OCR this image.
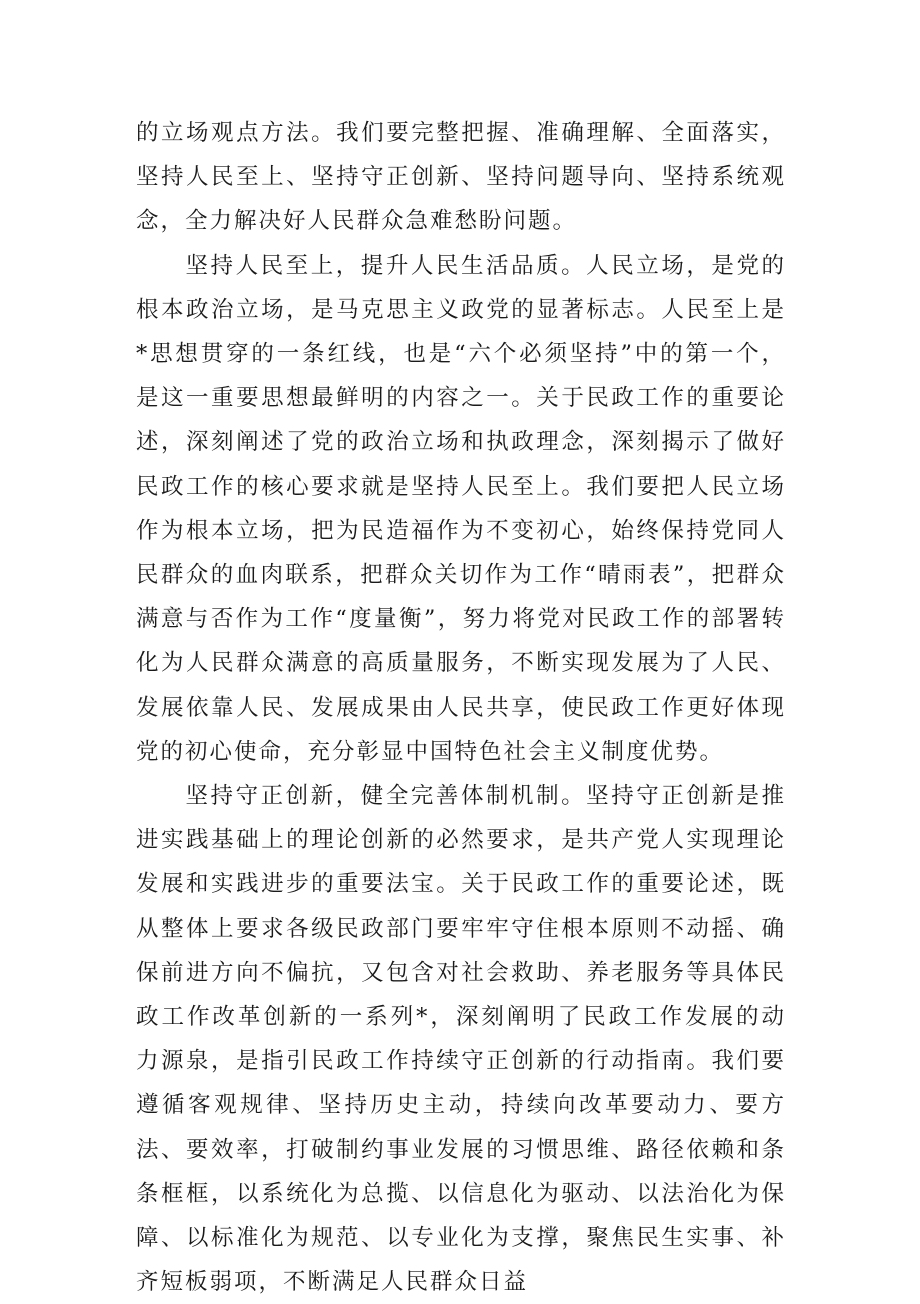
的立场观点方法。我们要完整把握、准确理解、全面落实，坚持人民至上、坚持守正创新、坚持问题导向、坚持系统观念，全力解决好人民群众急难愁盼问题。

坚持人民至上，提升人民生活品质。人民立场，是党的根本政治立场，是马克思主义政党的显著标志。人民至上是*思想贯穿的一条红线，也是“六个必须坚持”中的第一个，是这一重要思想最鲜明的内容之一。关于民政工作的重要论述，深刻阐述了党的政治立场和执政理念，深刻揭示了做好民政工作的核心要求就是坚持人民至上。我们要把人民立场作为根本立场，把为民造福作为不变初心，始终保持党同人民群众的血肉联系，把群众关切作为工作“晴雨表”，把群众满意与否作为工作“度量衡”，努力将党对民政工作的部署转化为人民群众满意的高质量服务，不断实现发展为了人民、发展依靠人民、发展成果由人民共享，使民政工作更好体现党的初心使命，充分彰显中国特色社会主义制度优势。

坚持守正创新，健全完善体制机制。坚持守正创新是推进实践基础上的理论创新的必然要求，是共产党人实现理论发展和实践进步的重要法宝。关于民政工作的重要论述，既从整体上要求各级民政部门要牢牢守住根本原则不动摇、确保前进方向不偏抗，又包含对社会救助、养老服务等具体民政工作改革创新的一系列*，深刻阐明了民政工作发展的动力源泉，是指引民政工作持续守正创新的行动指南。我们要遵循客观规律、坚持历史主动，持续向改革要动力、要方法、要效率，打破制约事业发展的习惯思维、路径依赖和条条框框，以系统化为总揽、以信息化为驱动、以法治化为保障、以标准化为规范、以专业化为支撑，聚焦民生实事、补齐短板弱项，不断满足人民群众日益
